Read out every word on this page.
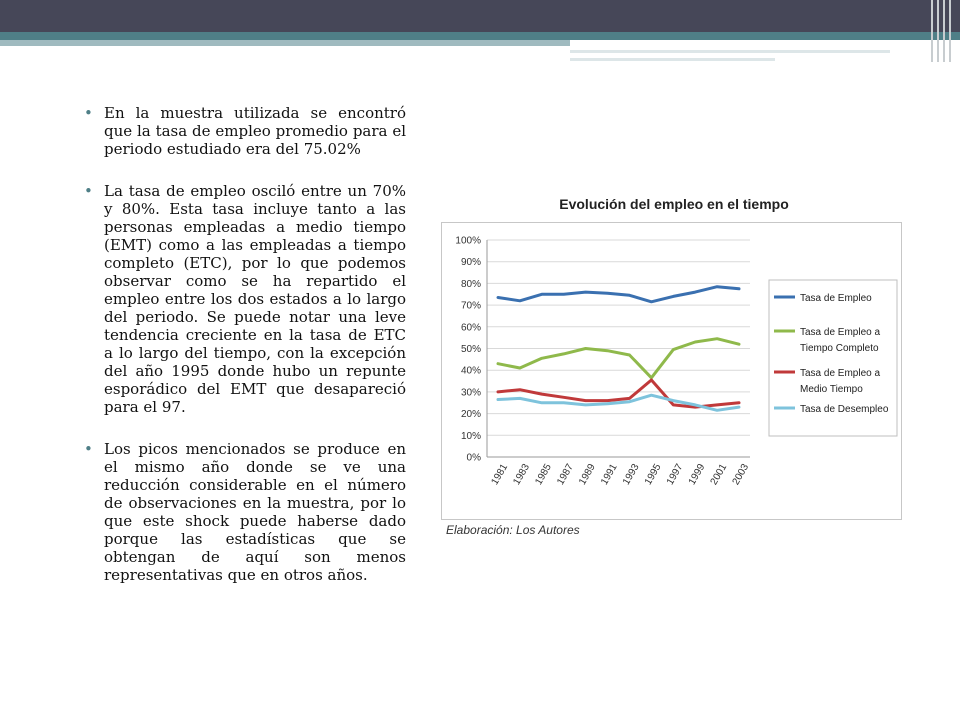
• En la muestra utilizada se encontró que la tasa de empleo promedio para el periodo estudiado era del 75.02%
• La tasa de empleo osciló entre un 70% y 80%. Esta tasa incluye tanto a las personas empleadas a medio tiempo (EMT) como a las empleadas a tiempo completo (ETC), por lo que podemos observar como se ha repartido el empleo entre los dos estados a lo largo del periodo. Se puede notar una leve tendencia creciente en la tasa de ETC a lo largo del tiempo, con la excepción del año 1995 donde hubo un repunte esporádico del EMT que desapareció para el 97.
• Los picos mencionados se produce en el mismo año donde se ve una reducción considerable en el número de observaciones en la muestra, por lo que este shock puede haberse dado porque las estadísticas que se obtengan de aquí son menos representativas que en otros años.
Evolución del empleo en el tiempo
0%
10%
20%
30%
40%
50%
60%
70%
80%
90%
100%
1981 1983 1985 1987 1989 1991 1993 1995 1997 1999 2001 2003
Tasa de Empleo
Tasa de Empleo a
Tiempo Completo
Tasa de Empleo a
Medio Tiempo
Tasa de Desempleo
Elaboración: Los Autores
